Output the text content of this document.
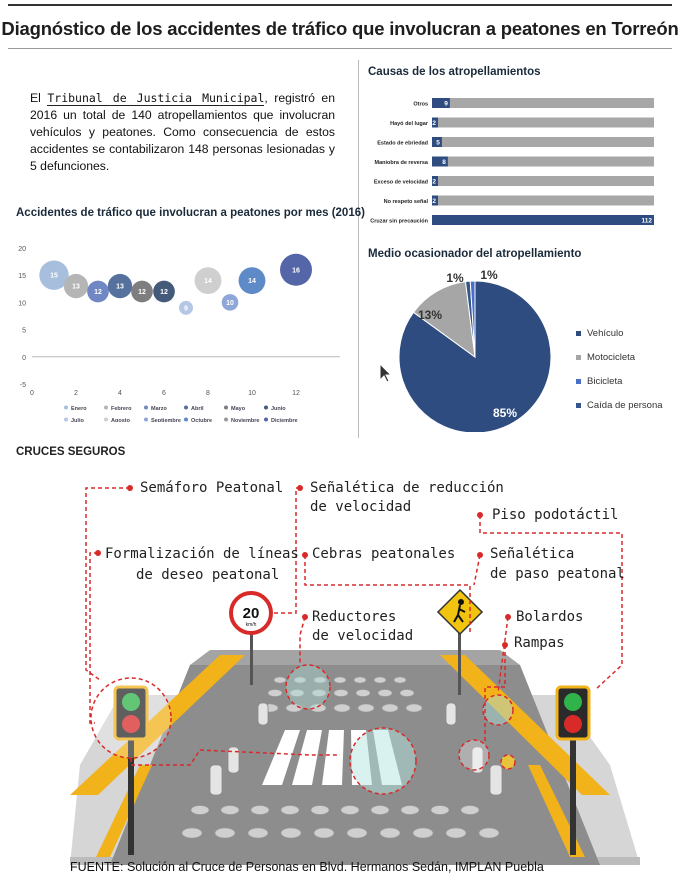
Diagnóstico de los accidentes de tráfico que involucran a peatones en Torreón

El Tribunal de Justicia Municipal, registró en 2016 un total de 140 atropellamientos que involucran vehículos y peatones. Como consecuencia de estos accidentes se contabilizaron 148 personas lesionadas y 5 defunciones.

Accidentes de tráfico que involucran a peatones por mes (2016)
-5
0
5
10
15
20
0	2	4	6	8	10	12
15
13
12
13
12 12
9
14
10
14
16
Enero	Febrero	Marzo	Abril	Mayo	Junio
Julio	Agosto	Septiembre Octubre	Noviembre Diciembre
Causas de los atropellamientos
Otros 9
Hayó del lugar 2
Estado de ebriedad 5
Maniobra de reversa 8
Exceso de velocidad 2
No respeto señal 2
Cruzar sin precaución	112
Medio ocasionador del atropellamiento
85%
13%
1% 1%
Vehículo
Motocicleta
Bicicleta
Caída de persona
CRUCES SEGUROS
20
km/h
Semáforo Peatonal Señalética de reducción
de velocidad	Piso podotáctil
Formalización de líneas
de deseo peatonal
Cebras peatonales Señalética
de paso peatonal
Reductores
de velocidad
Bolardos
Rampas
FUENTE: Solución al Cruce de Personas en Blvd. Hermanos Sedán, IMPLAN Puebla
